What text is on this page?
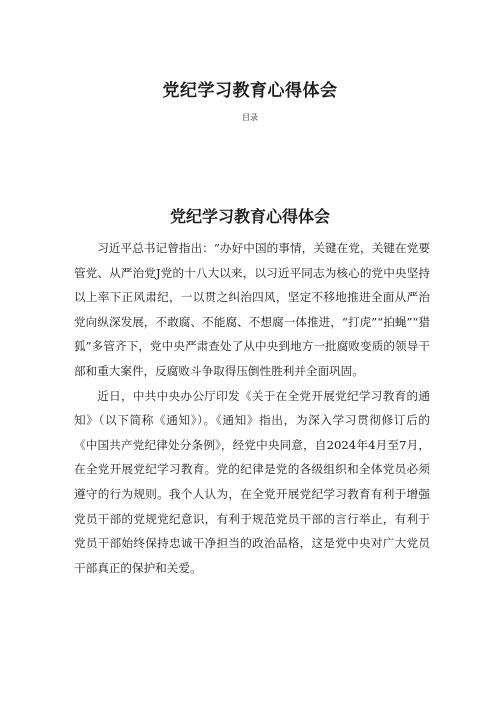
党纪学习教育心得体会
目录
党纪学习教育心得体会

习近平总书记曾指出：“办好中国的事情，关键在党，关键在党要管党、从严治党J党的十八大以来，以习近平同志为核心的党中央坚持以上率下正风肃纪，一以贯之纠治四风，坚定不移地推进全面从严治党向纵深发展，不敢腐、不能腐、不想腐一体推进，“打虎”“拍蝇”“猎狐”多管齐下，党中央严肃查处了从中央到地方一批腐败变质的领导干部和重大案件，反腐败斗争取得压倒性胜利并全面巩固。

近日，中共中央办公厅印发《关于在全党开展党纪学习教育的通知》（以下简称《通知》）。《通知》指出，为深入学习贯彻修订后的《中国共产党纪律处分条例》，经党中央同意，自2024年4月至7月，在全党开展党纪学习教育。党的纪律是党的各级组织和全体党员必须遵守的行为规则。我个人认为，在全党开展党纪学习教育有利于增强党员干部的党规党纪意识，有利于规范党员干部的言行举止，有利于党员干部始终保持忠诚干净担当的政治品格，这是党中央对广大党员干部真正的保护和关爱。
